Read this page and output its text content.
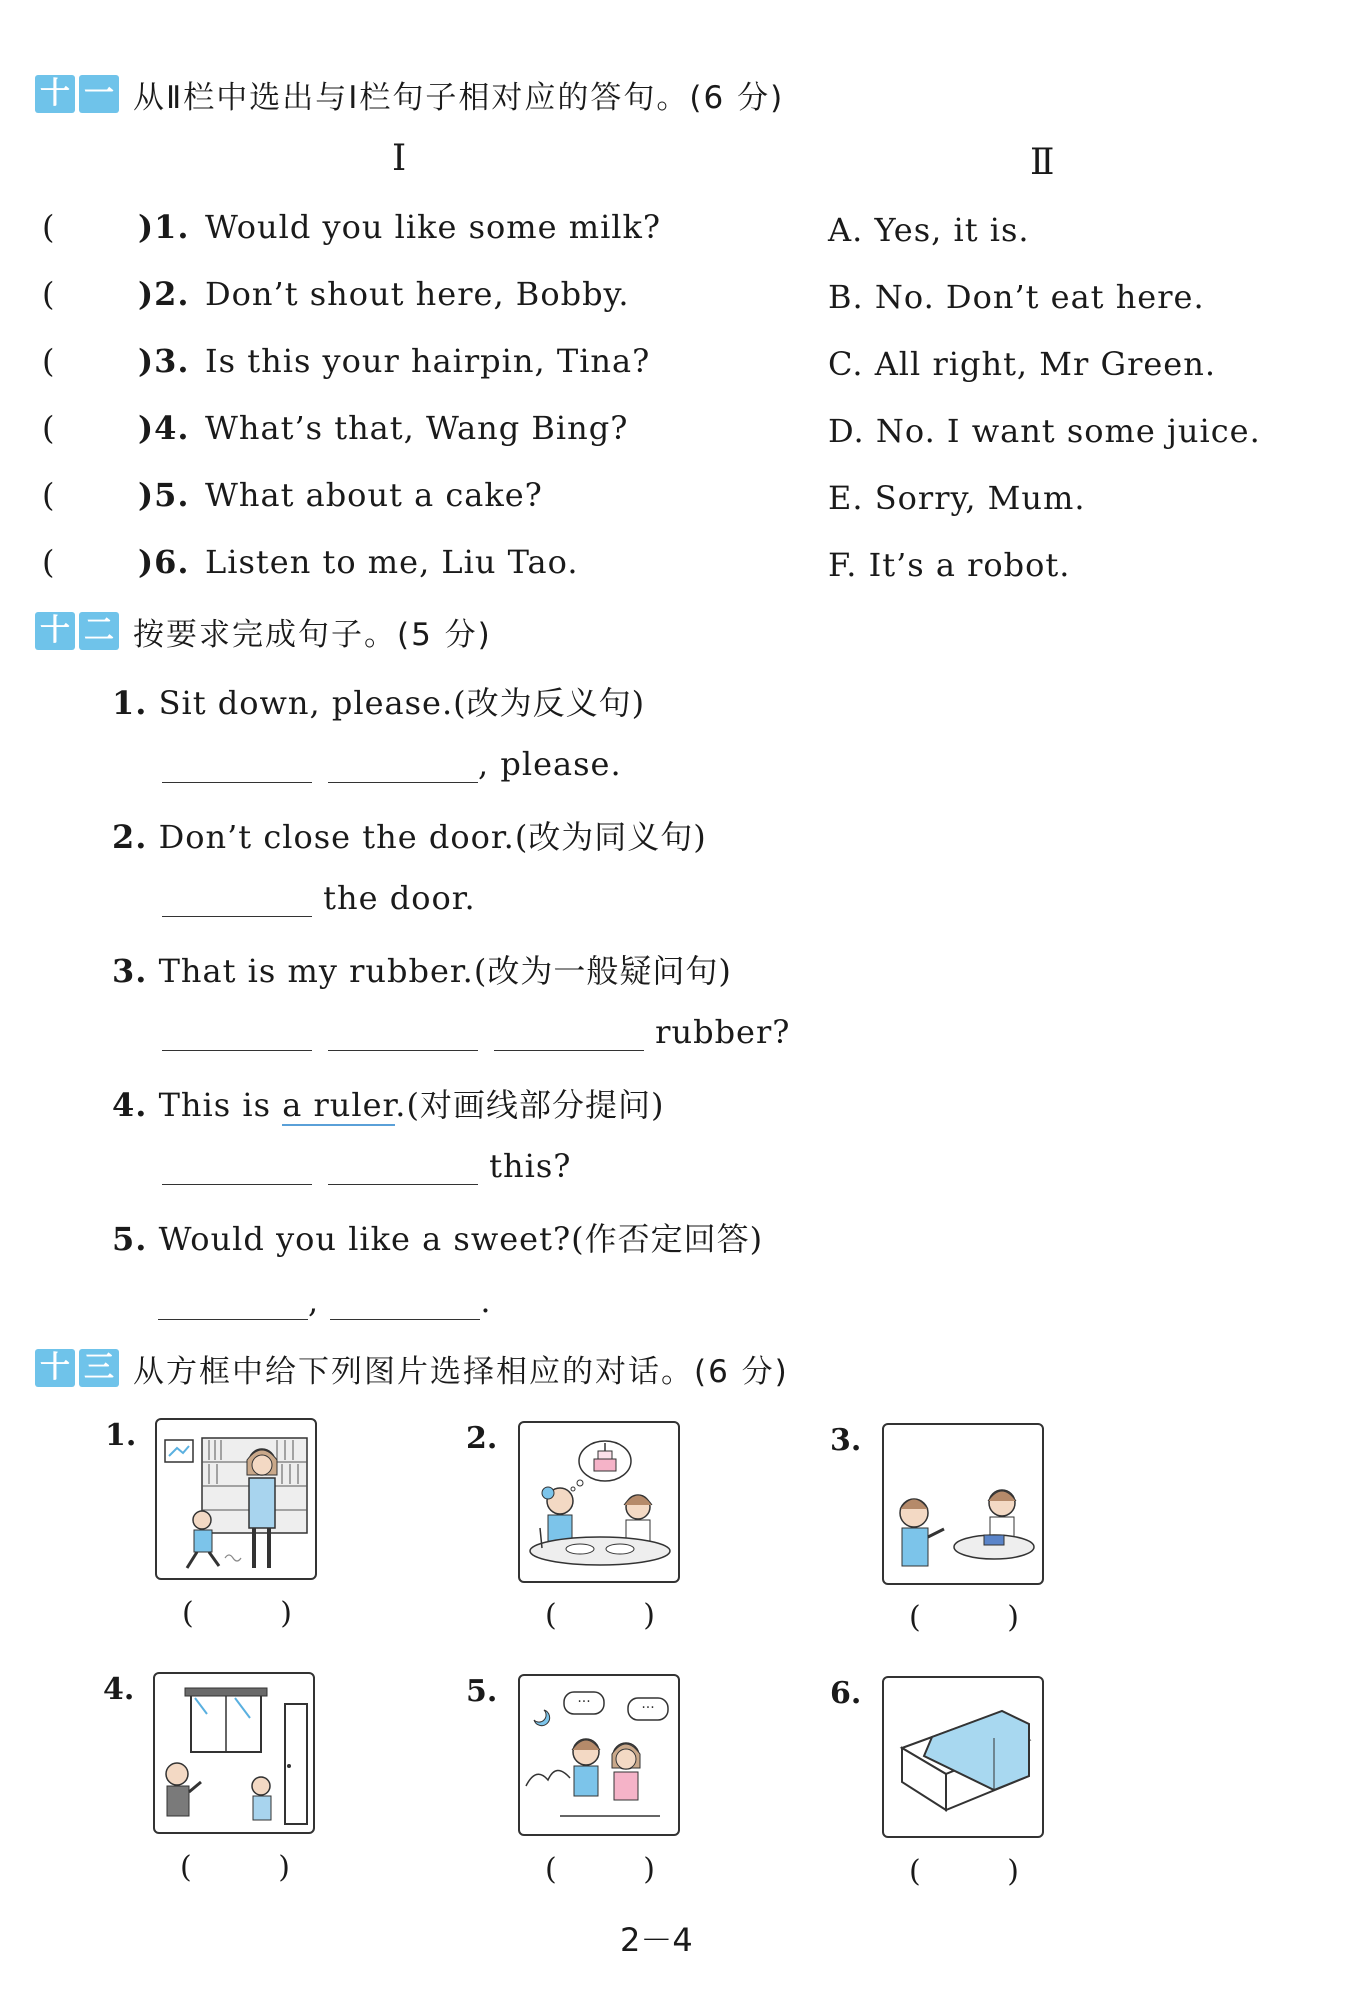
十 一 从Ⅱ栏中选出与Ⅰ栏句子相对应的答句。(6 分)
Ⅰ	Ⅱ
(	)1. Would you like some milk?
(	)2. Don’t shout here, Bobby.
(	)3. Is this your hairpin, Tina?
(	)4. What’s that, Wang Bing?
(	)5. What about a cake?
(	)6. Listen to me, Liu Tao.
A. Yes, it is.
B. No. Don’t eat here.
C. All right, Mr Green.
D. No. I want some juice.
E. Sorry, Mum.
F. It’s a robot.
十 二 按要求完成句子。(5 分)
1. Sit down, please.(改为反义句)
, please.
2. Don’t close the door.(改为同义句)
the door.
3. That is my rubber.(改为一般疑问句)
rubber?
4. This is a ruler.(对画线部分提问)
this?
5. Would you like a sweet?(作否定回答)
,	.
十 三 从方框中给下列图片选择相应的对话。(6 分)
1.
(	)
2.
(	)
3.
(	)
4.
(	)
5.	···	···
(	)
6.
(	)
2－4
